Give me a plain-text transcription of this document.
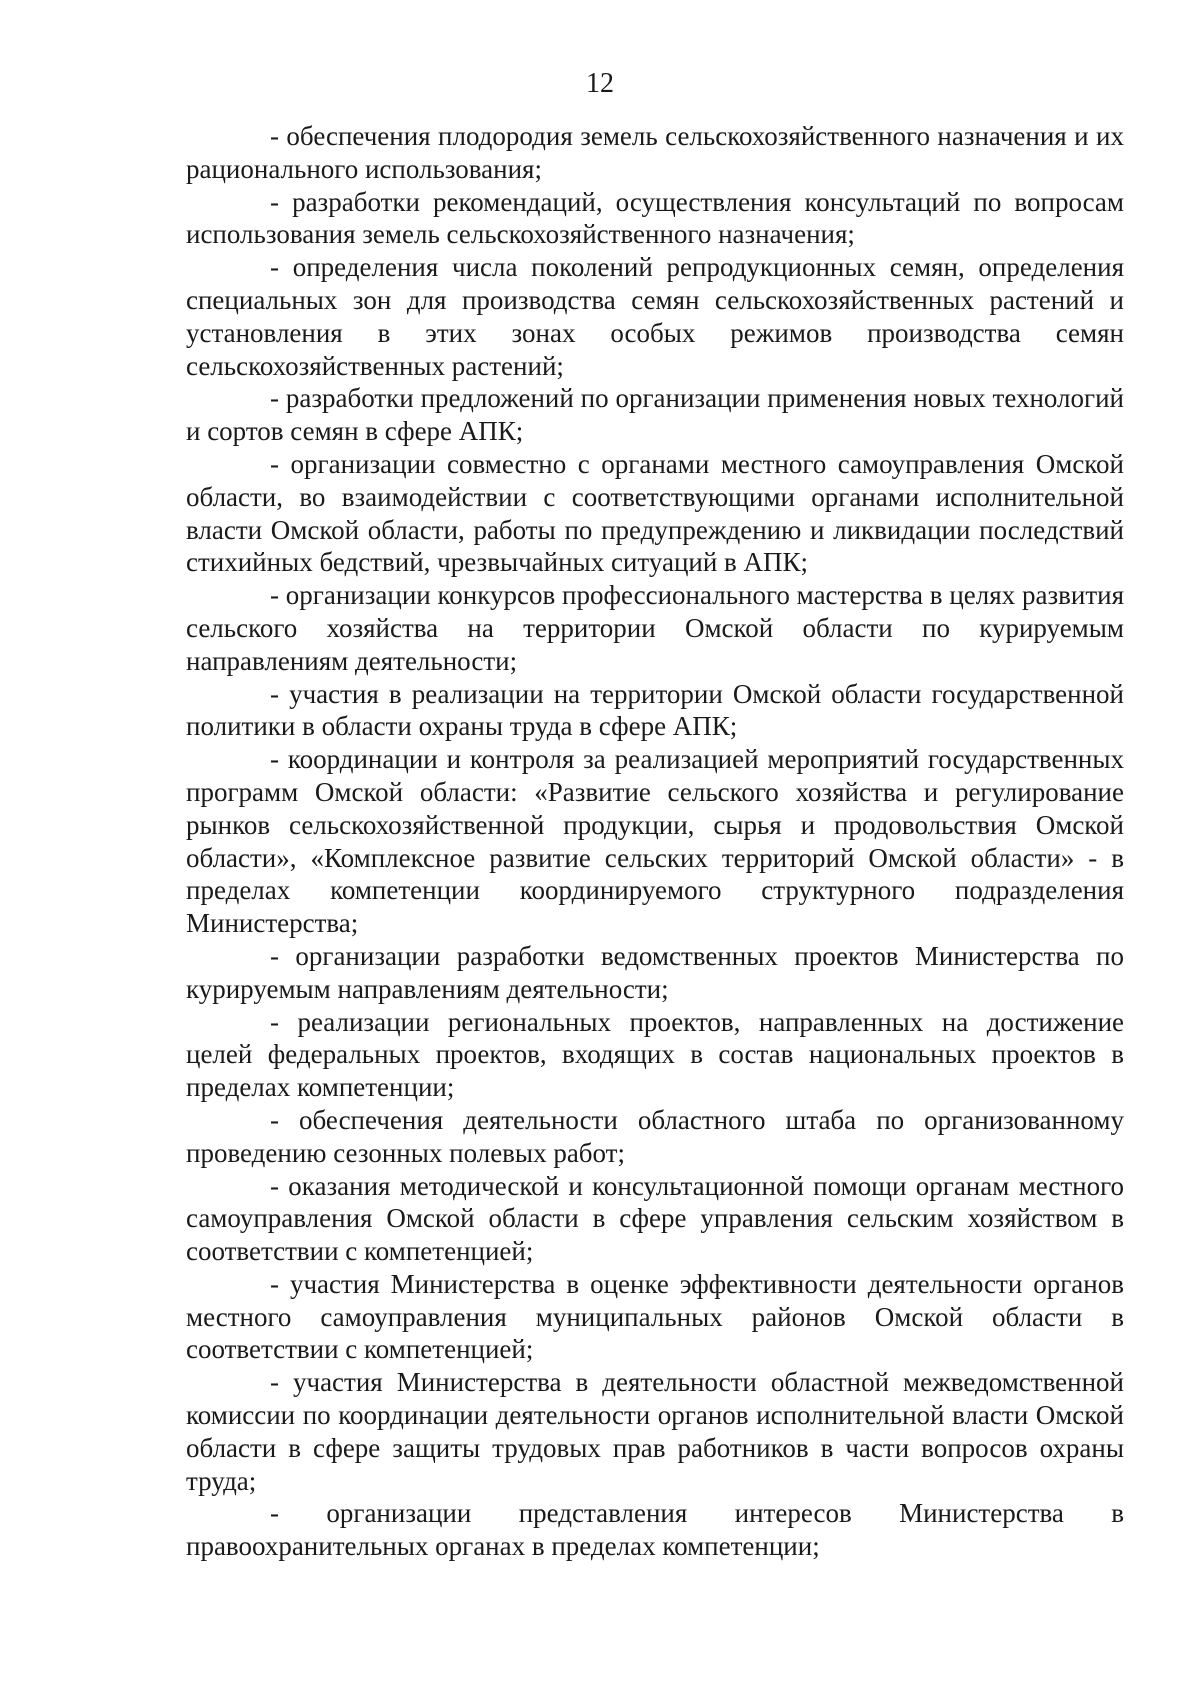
12

- обеспечения плодородия земель сельскохозяйственного назначения и их рационального использования;

- разработки рекомендаций, осуществления консультаций по вопросам использования земель сельскохозяйственного назначения;

- определения числа поколений репродукционных семян, определения специальных зон для производства семян сельскохозяйственных растений и установления в этих зонах особых режимов производства семян сельскохозяйственных растений;

- разработки предложений по организации применения новых технологий и сортов семян в сфере АПК;

- организации совместно с органами местного самоуправления Омской области, во взаимодействии с соответствующими органами исполнительной власти Омской области, работы по предупреждению и ликвидации последствий стихийных бедствий, чрезвычайных ситуаций в АПК;

- организации конкурсов профессионального мастерства в целях развития сельского хозяйства на территории Омской области по курируемым направлениям деятельности;

- участия в реализации на территории Омской области государственной политики в области охраны труда в сфере АПК;

- координации и контроля за реализацией мероприятий государственных программ Омской области: «Развитие сельского хозяйства и регулирование рынков сельскохозяйственной продукции, сырья и продовольствия Омской области», «Комплексное развитие сельских территорий Омской области» - в пределах компетенции координируемого структурного подразделения Министерства;

- организации разработки ведомственных проектов Министерства по курируемым направлениям деятельности;

- реализации региональных проектов, направленных на достижение целей федеральных проектов, входящих в состав национальных проектов в пределах компетенции;

- обеспечения деятельности областного штаба по организованному проведению сезонных полевых работ;

- оказания методической и консультационной помощи органам местного самоуправления Омской области в сфере управления сельским хозяйством в соответствии с компетенцией;

- участия Министерства в оценке эффективности деятельности органов местного самоуправления муниципальных районов Омской области в соответствии с компетенцией;

- участия Министерства в деятельности областной межведомственной комиссии по координации деятельности органов исполнительной власти Омской области в сфере защиты трудовых прав работников в части вопросов охраны труда;

- организации представления интересов Министерства в правоохранительных органах в пределах компетенции;
